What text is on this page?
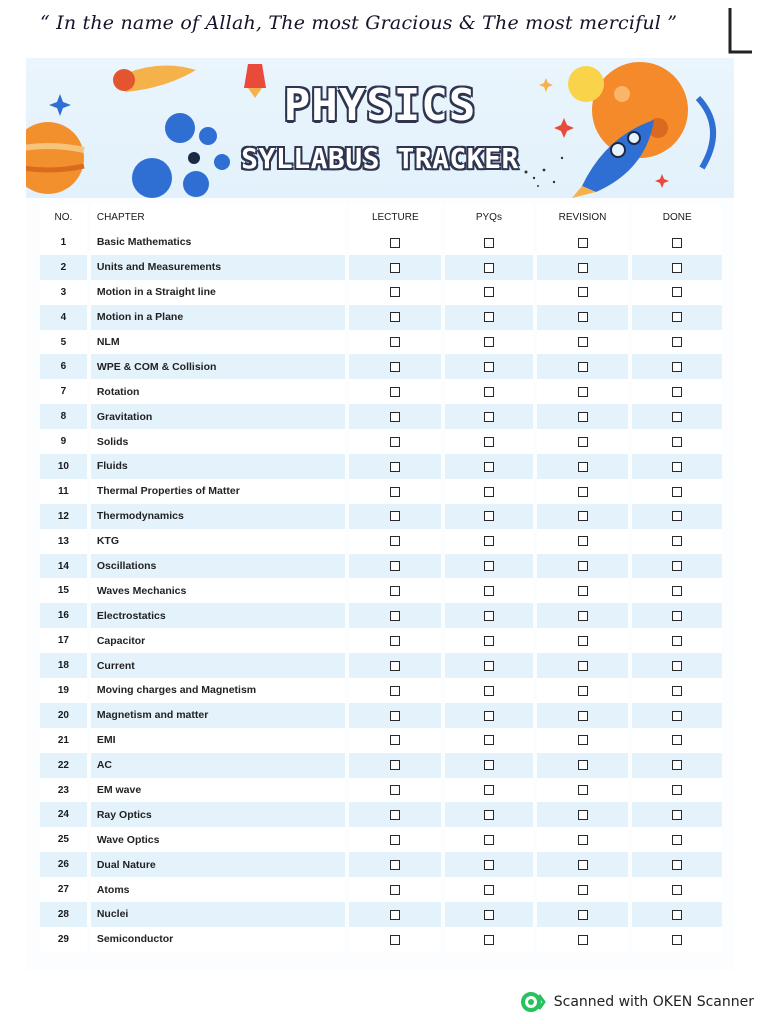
“ In the name of Allah, The most Gracious & The most merciful ”
PHYSICS
SYLLABUS TRACKER
NO.	CHAPTER	LECTURE	PYQs	REVISION	DONE
1	Basic Mathematics				
2	Units and Measurements				
3	Motion in a Straight line				
4	Motion in a Plane				
5	NLM				
6	WPE & COM & Collision				
7	Rotation				
8	Gravitation				
9	Solids				
10	Fluids				
11	Thermal Properties of Matter				
12	Thermodynamics				
13	KTG				
14	Oscillations				
15	Waves Mechanics				
16	Electrostatics				
17	Capacitor				
18	Current				
19	Moving charges and Magnetism				
20	Magnetism and matter				
21	EMI				
22	AC				
23	EM wave				
24	Ray Optics				
25	Wave Optics				
26	Dual Nature				
27	Atoms				
28	Nuclei				
29	Semiconductor				
Scanned with OKEN Scanner
